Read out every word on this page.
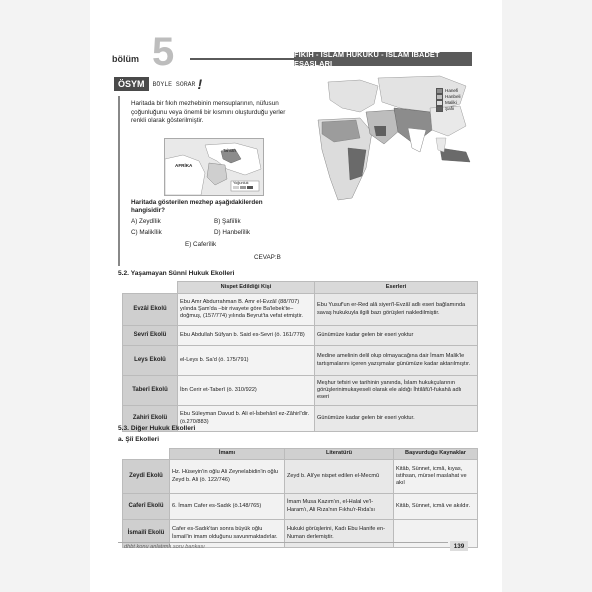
bölüm 5	FIKIH - İSLAM HUKUKU - İSLAM İBADET ESASLARI
ÖSYM	BÖYLE SORAR !
Haritada bir fıkıh mezhebinin mensuplarının, nüfusun çoğunluğunu veya önemli bir kısmını oluşturduğu yerler renkli olarak gösterilmiştir.
AFRİKA
Tahran
Yoğunluk
Haritada gösterilen mezhep aşağıdakilerden hangisidir?
A) Zeydîlik	B) Şafiîlik
C) Malikîlik	D) Hanbelîlik
E) Caferîlik
CEVAP:B
Hanefi
Hanbeli
Maliki
Şafii
5.2. Yaşamayan Sünnî Hukuk Ekolleri
	Nispet Edildiği Kişi	Eserleri
Evzâî Ekolü	Ebu Amr Abdurrahman B. Amr el-Evzâî (88/707) yılında Şam'da –bir rivayete göre Ba'lebek'te– doğmuş, (157/774) yılında Beyrut'ta vefat etmiştir.	Ebu Yusuf'un er-Red alâ siyeri'l-Evzâî adlı eseri bağlamında savaş hukukuyla ilgili bazı görüşleri nakledilmiştir.
Sevrî Ekolü	Ebu Abdullah Süfyan b. Said es-Sevri (ö. 161/778)	Günümüze kadar gelen bir eseri yoktur
Leys Ekolü	el-Leys b. Sa'd (ö. 175/791)	Medine amelinin delil olup olmayacağına dair İmam Malik'le tartışmalarını içeren yazışmalar günümüze kadar aktarılmıştır.
Taberî Ekolü	İbn Cerir et-Taberî (ö. 310/922)	Meşhur tefsiri ve tarihinin yanında, İslam hukukçularının görüşlerinimukayeseli olarak ele aldığı İhtilâfü'l-fukahâ adlı eseri
Zahirî Ekolü	Ebu Süleyman Davud b. Ali el-İsbehânî ez-Zâhirî'dir. (ö.270/883)	Günümüze kadar gelen bir eseri yoktur.
5.3. Diğer Hukuk Ekolleri
a. Şiî Ekolleri
	İmamı	Literatürü	Başvurduğu Kaynaklar
Zeydî Ekolü	Hz. Hüseyin'in oğlu Ali Zeynelabidin'in oğlu Zeyd b. Ali (ö. 122/746)	Zeyd b. Ali'ye nispet edilen el-Mecmû	Kitâb, Sünnet, icmâ, kıyas, istihsan, mürsel maslahat ve akıl
Caferî Ekolü	6. İmam Cafer es-Sadık (ö.148/765)	İmam Musa Kazım'ın, el-Halal ve'l-Haram'ı, Ali Rıza'nın Fıkhu'r-Rıda'sı	Kitâb, Sünnet, icmâ ve akıldır.
İsmailî Ekolü	Cafer es-Sadık'tan sonra büyük oğlu İsmail'in imam olduğunu savunmaktadırlar.	Hukuki görüşlerini, Kadı Ebu Hanife en-Numan derlemiştir.	
dhbt konu anlatımlı soru bankası	139
